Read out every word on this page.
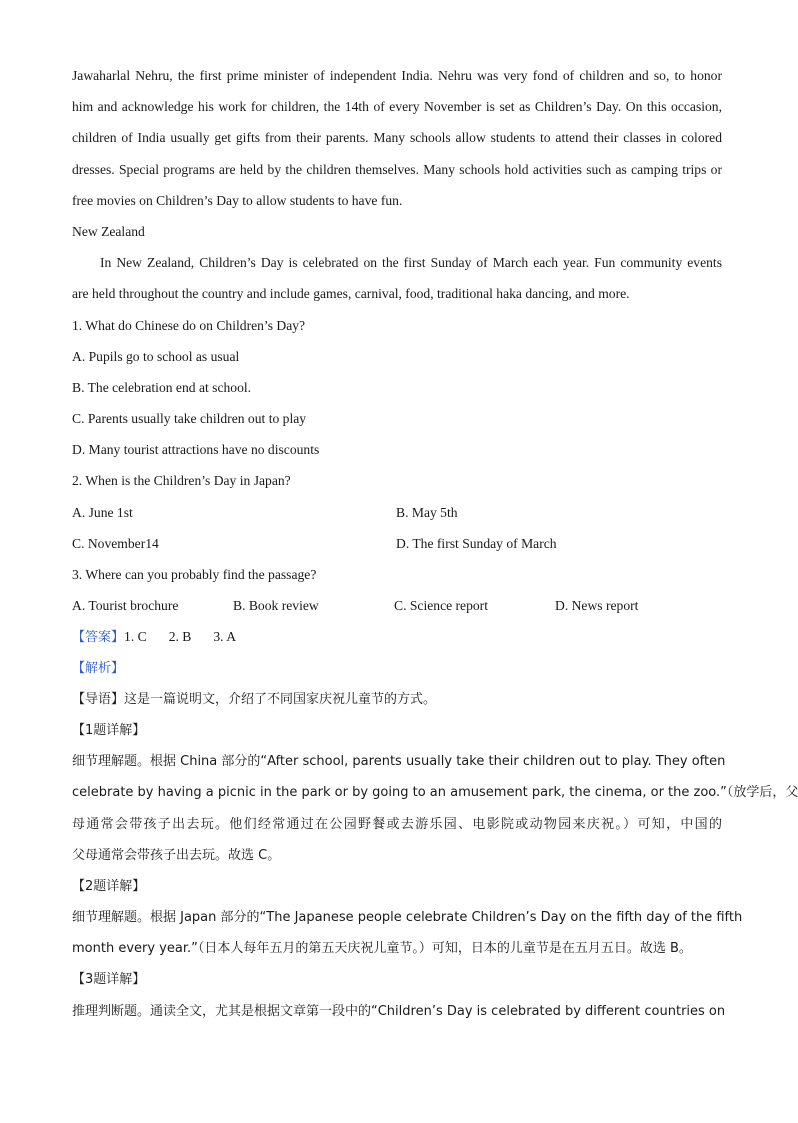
Jawaharlal Nehru, the first prime minister of independent India. Nehru was very fond of children and so, to honor
him and acknowledge his work for children, the 14th of every November is set as Children’s Day. On this occasion,
children of India usually get gifts from their parents. Many schools allow students to attend their classes in colored
dresses. Special programs are held by the children themselves. Many schools hold activities such as camping trips or
free movies on Children’s Day to allow students to have fun.
New Zealand
In New Zealand, Children’s Day is celebrated on the first Sunday of March each year. Fun community events
are held throughout the country and include games, carnival, food, traditional haka dancing, and more.
1. What do Chinese do on Children’s Day?
A. Pupils go to school as usual
B. The celebration end at school.
C. Parents usually take children out to play
D. Many tourist attractions have no discounts
2. When is the Children’s Day in Japan?
A. June 1st	B. May 5th
C. November14	D. The first Sunday of March
3. Where can you probably find the passage?
A. Tourist brochure	B. Book review	C. Science report	D. News report
【答案】1. C 2. B 3. A
【解析】
【导语】这是一篇说明文，介绍了不同国家庆祝儿童节的方式。
【1题详解】
细节理解题。根据 China 部分的“After school, parents usually take their children out to play. They often
celebrate by having a picnic in the park or by going to an amusement park, the cinema, or the zoo.”（放学后，父
母通常会带孩子出去玩。他们经常通过在公园野餐或去游乐园、电影院或动物园来庆祝。）可知，中国的
父母通常会带孩子出去玩。故选 C。
【2题详解】
细节理解题。根据 Japan 部分的“The Japanese people celebrate Children’s Day on the fifth day of the fifth
month every year.”（日本人每年五月的第五天庆祝儿童节。）可知，日本的儿童节是在五月五日。故选 B。
【3题详解】
推理判断题。通读全文，尤其是根据文章第一段中的“Children’s Day is celebrated by different countries on
